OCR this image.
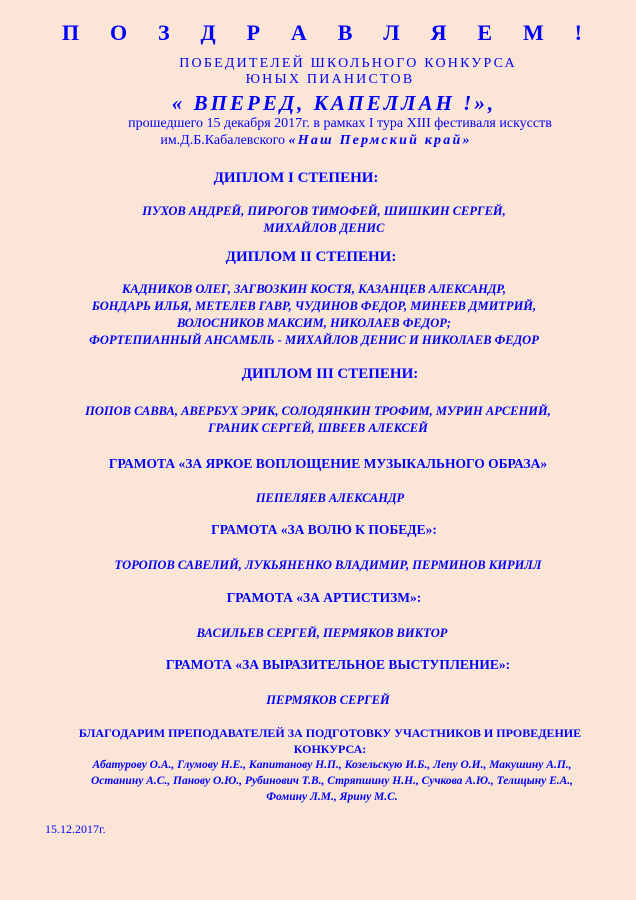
П О З Д Р А В Л Я Е М !
ПОБЕДИТЕЛЕЙ ШКОЛЬНОГО КОНКУРСА
ЮНЫХ ПИАНИСТОВ
« ВПЕРЕД, КАПЕЛЛАН !»,
прошедшего 15 декабря 2017г. в рамках I тура XIII фестиваля искусств
им.Д.Б.Кабалевского «Наш Пермский край»
ДИПЛОМ I СТЕПЕНИ:
ПУХОВ АНДРЕЙ, ПИРОГОВ ТИМОФЕЙ, ШИШКИН СЕРГЕЙ,
МИХАЙЛОВ ДЕНИС
ДИПЛОМ II СТЕПЕНИ:
КАДНИКОВ ОЛЕГ, ЗАГВОЗКИН КОСТЯ, КАЗАНЦЕВ АЛЕКСАНДР,
БОНДАРЬ ИЛЬЯ, МЕТЕЛЕВ ГАВР, ЧУДИНОВ ФЕДОР, МИНЕЕВ ДМИТРИЙ,
ВОЛОСНИКОВ МАКСИМ, НИКОЛАЕВ ФЕДОР;
ФОРТЕПИАННЫЙ АНСАМБЛЬ - МИХАЙЛОВ ДЕНИС И НИКОЛАЕВ ФЕДОР
ДИПЛОМ III СТЕПЕНИ:
ПОПОВ САВВА, АВЕРБУХ ЭРИК, СОЛОДЯНКИН ТРОФИМ, МУРИН АРСЕНИЙ,
ГРАНИК СЕРГЕЙ, ШВЕЕВ АЛЕКСЕЙ
ГРАМОТА «ЗА ЯРКОЕ ВОПЛОЩЕНИЕ МУЗЫКАЛЬНОГО ОБРАЗА»
ПЕПЕЛЯЕВ АЛЕКСАНДР
ГРАМОТА «ЗА ВОЛЮ К ПОБЕДЕ»:
ТОРОПОВ САВЕЛИЙ, ЛУКЬЯНЕНКО ВЛАДИМИР, ПЕРМИНОВ КИРИЛЛ
ГРАМОТА «ЗА АРТИСТИЗМ»:
ВАСИЛЬЕВ СЕРГЕЙ, ПЕРМЯКОВ ВИКТОР
ГРАМОТА «ЗА ВЫРАЗИТЕЛЬНОЕ ВЫСТУПЛЕНИЕ»:
ПЕРМЯКОВ СЕРГЕЙ
БЛАГОДАРИМ ПРЕПОДАВАТЕЛЕЙ ЗА ПОДГОТОВКУ УЧАСТНИКОВ И ПРОВЕДЕНИЕ
КОНКУРСА:
Абатурову О.А., Глумову Н.Е., Капитанову Н.П., Козельскую И.Б., Лепу О.И., Макушину А.П.,
Останину А.С., Панову О.Ю., Рубинович Т.В., Стряпшину Н.Н., Сучкова А.Ю., Телицыну Е.А.,
Фомину Л.М., Ярину М.С.
15.12.2017г.
